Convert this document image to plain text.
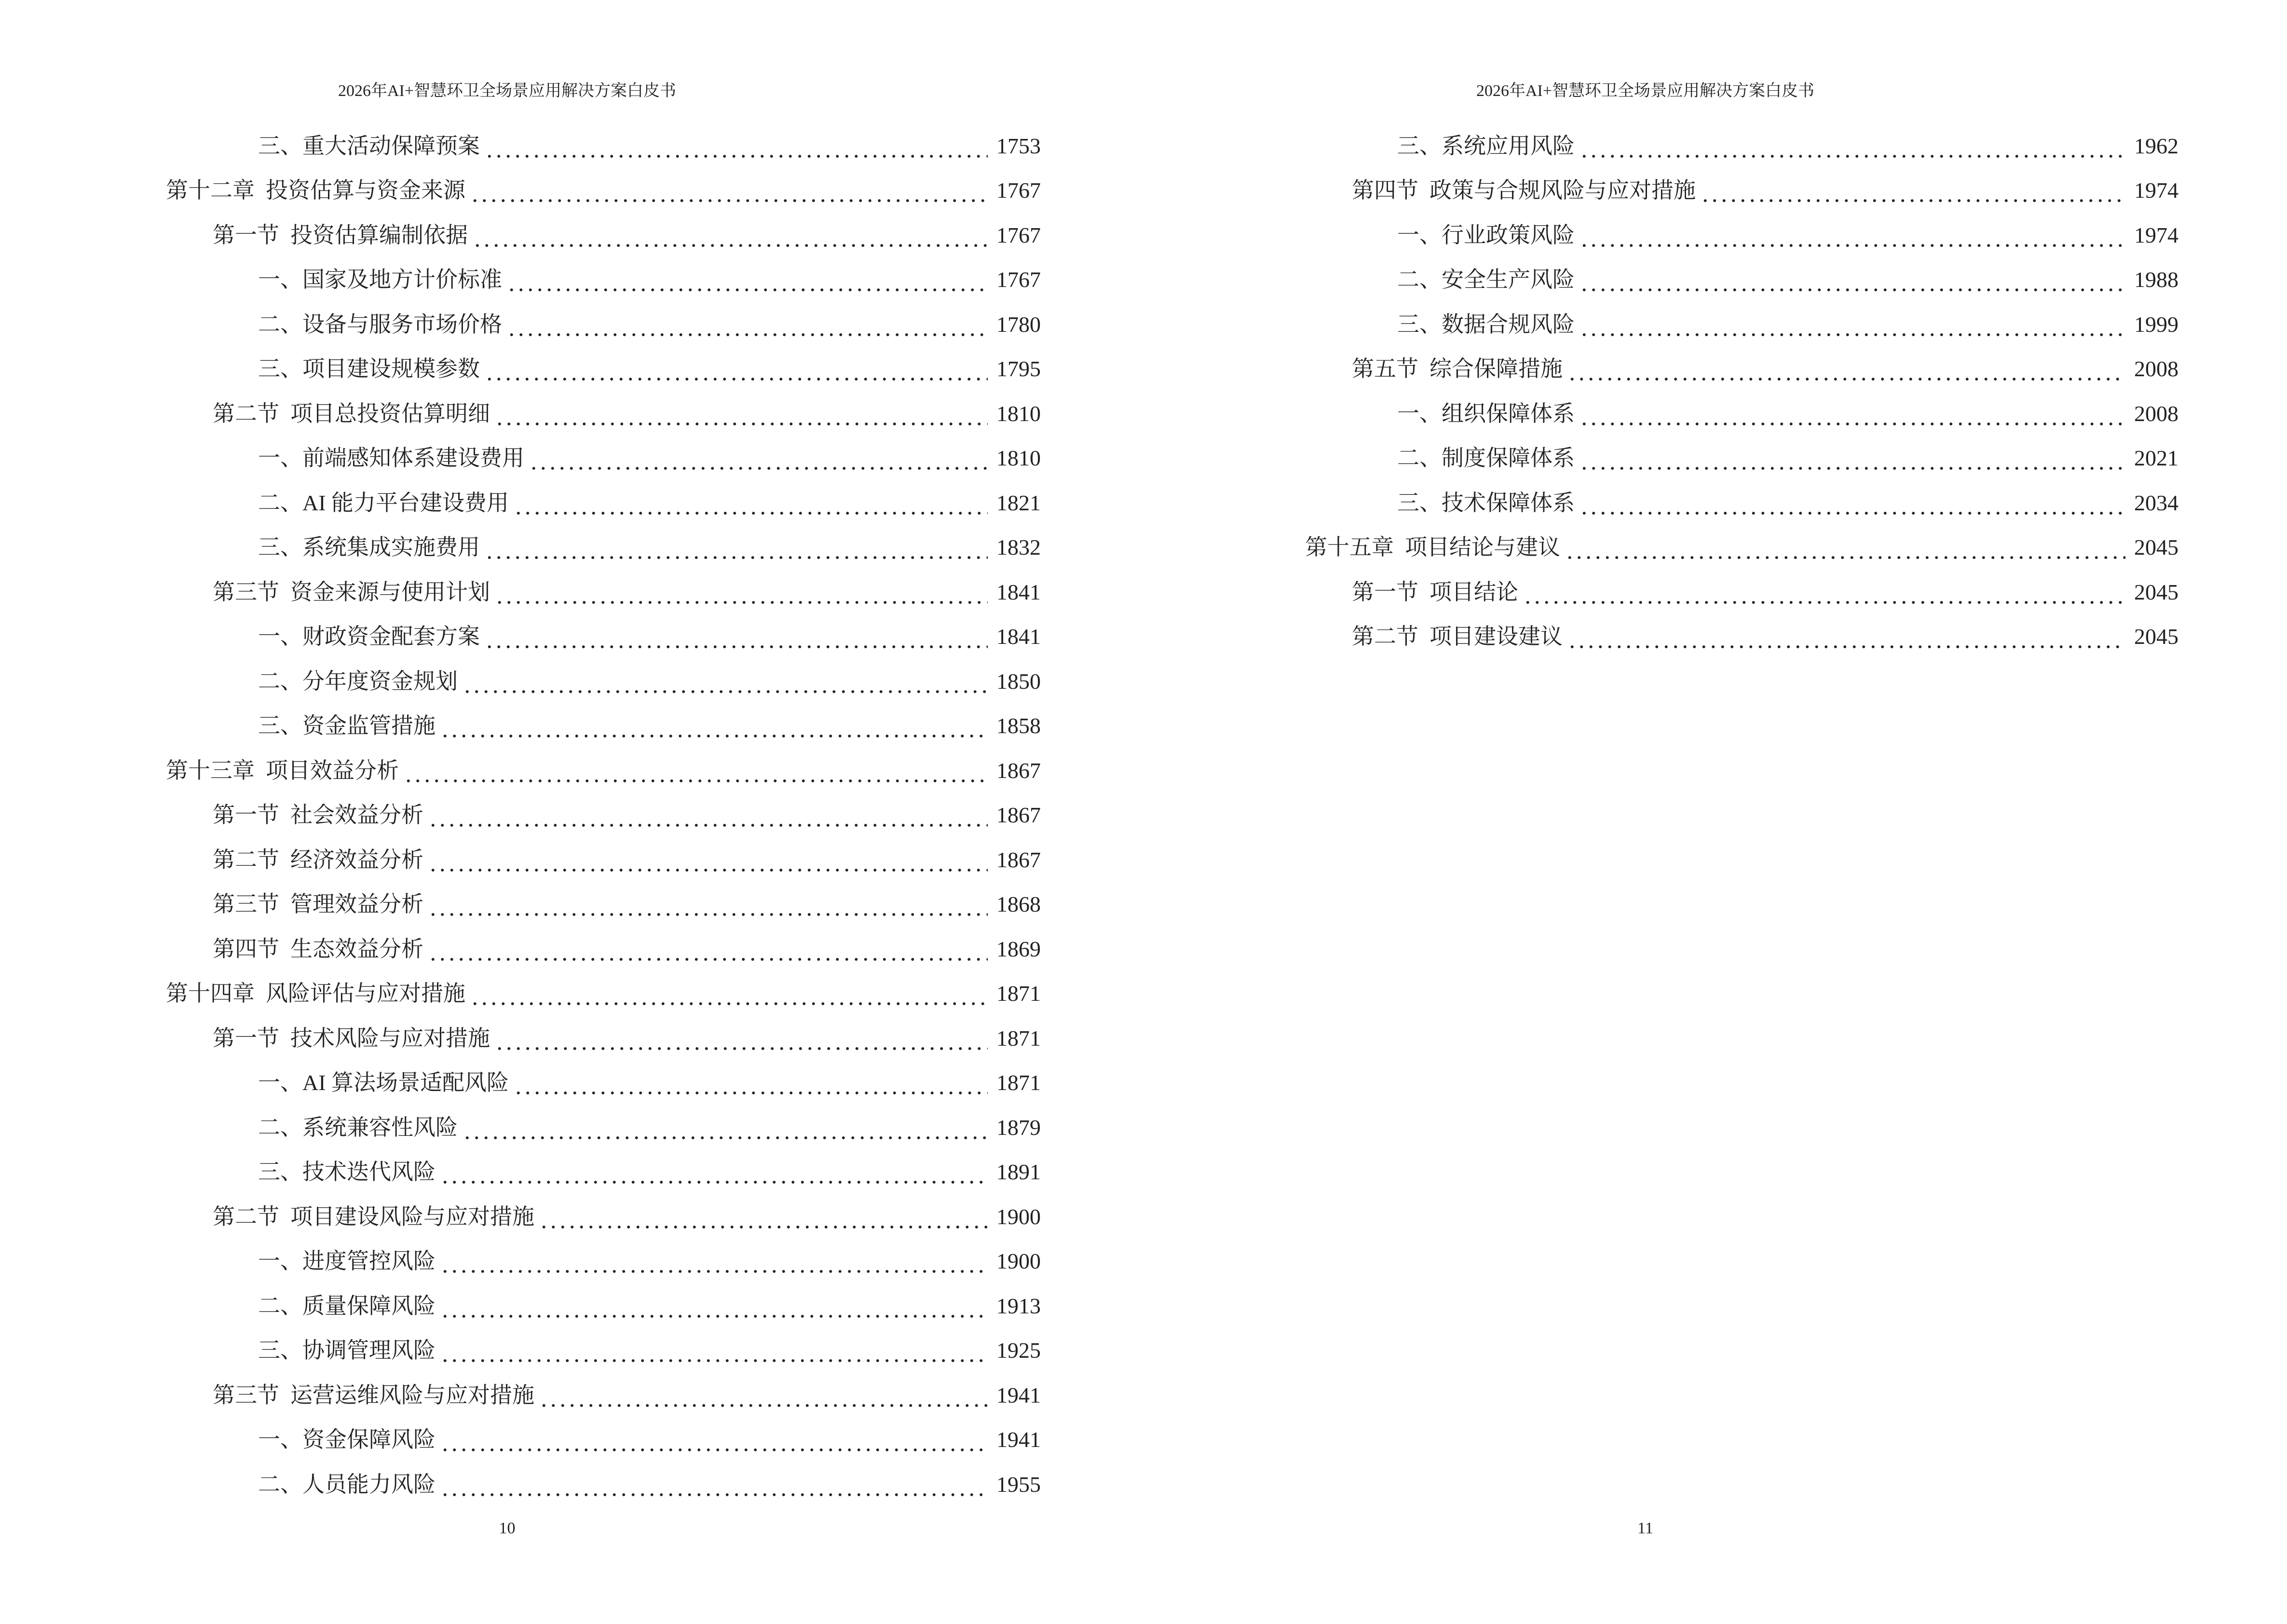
2026年AI+智慧环卫全场景应用解决方案白皮书
三、重大活动保障预案	1753
第十二章  投资估算与资金来源	1767
第一节  投资估算编制依据	1767
一、国家及地方计价标准	1767
二、设备与服务市场价格	1780
三、项目建设规模参数	1795
第二节  项目总投资估算明细	1810
一、前端感知体系建设费用	1810
二、AI 能力平台建设费用	1821
三、系统集成实施费用	1832
第三节  资金来源与使用计划	1841
一、财政资金配套方案	1841
二、分年度资金规划	1850
三、资金监管措施	1858
第十三章  项目效益分析	1867
第一节  社会效益分析	1867
第二节  经济效益分析	1867
第三节  管理效益分析	1868
第四节  生态效益分析	1869
第十四章  风险评估与应对措施	1871
第一节  技术风险与应对措施	1871
一、AI 算法场景适配风险	1871
二、系统兼容性风险	1879
三、技术迭代风险	1891
第二节  项目建设风险与应对措施	1900
一、进度管控风险	1900
二、质量保障风险	1913
三、协调管理风险	1925
第三节  运营运维风险与应对措施	1941
一、资金保障风险	1941
二、人员能力风险	1955
10
2026年AI+智慧环卫全场景应用解决方案白皮书
三、系统应用风险	1962
第四节  政策与合规风险与应对措施	1974
一、行业政策风险	1974
二、安全生产风险	1988
三、数据合规风险	1999
第五节  综合保障措施	2008
一、组织保障体系	2008
二、制度保障体系	2021
三、技术保障体系	2034
第十五章  项目结论与建议	2045
第一节  项目结论	2045
第二节  项目建设建议	2045
11
